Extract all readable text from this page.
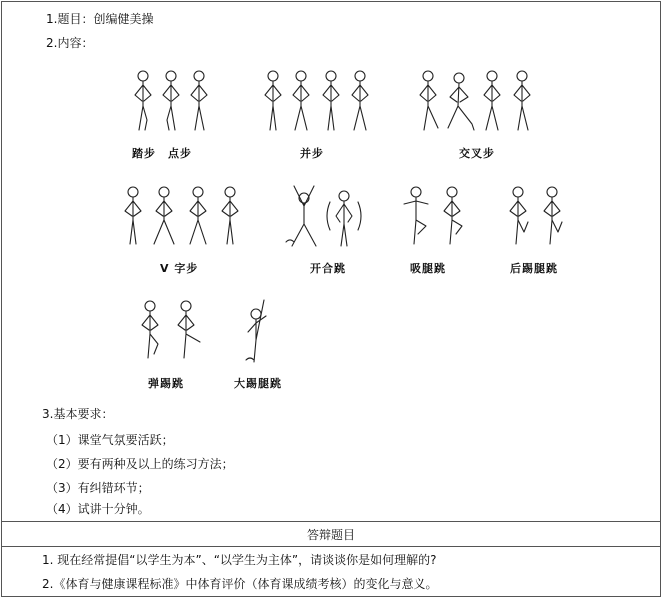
1.题目：创编健美操
2.内容：
踏步　点步	并步	交叉步
V 字步	开合跳	吸腿跳	后踢腿跳
弹踢跳	大踢腿跳
3.基本要求：
（1）课堂气氛要活跃；
（2）要有两种及以上的练习方法；
（3）有纠错环节；
（4）试讲十分钟。
答辩题目
1. 现在经常提倡“以学生为本”、“以学生为主体”，请谈谈你是如何理解的?
2.《体育与健康课程标准》中体育评价（体育课成绩考核）的变化与意义。
